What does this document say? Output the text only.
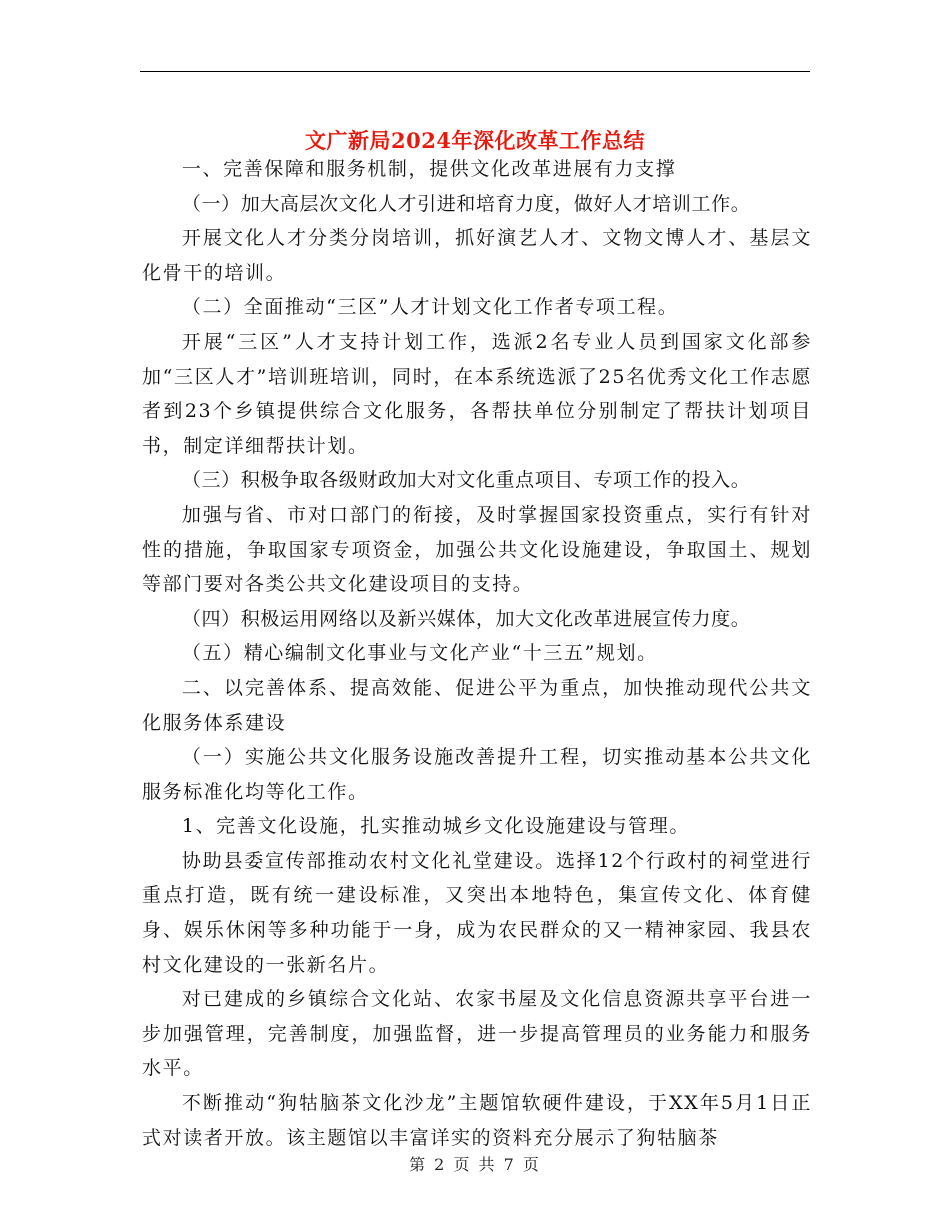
文广新局2024年深化改革工作总结

一、完善保障和服务机制，提供文化改革进展有力支撑

（一）加大高层次文化人才引进和培育力度，做好人才培训工作。

开展文化人才分类分岗培训，抓好演艺人才、文物文博人才、基层文化骨干的培训。

（二）全面推动“三区”人才计划文化工作者专项工程。

开展“三区”人才支持计划工作，选派2名专业人员到国家文化部参加“三区人才”培训班培训，同时，在本系统选派了25名优秀文化工作志愿者到23个乡镇提供综合文化服务，各帮扶单位分别制定了帮扶计划项目书，制定详细帮扶计划。

（三）积极争取各级财政加大对文化重点项目、专项工作的投入。

加强与省、市对口部门的衔接，及时掌握国家投资重点，实行有针对性的措施，争取国家专项资金，加强公共文化设施建设，争取国土、规划等部门要对各类公共文化建设项目的支持。

（四）积极运用网络以及新兴媒体，加大文化改革进展宣传力度。

（五）精心编制文化事业与文化产业“十三五”规划。

二、以完善体系、提高效能、促进公平为重点，加快推动现代公共文化服务体系建设

（一）实施公共文化服务设施改善提升工程，切实推动基本公共文化服务标准化均等化工作。

1、完善文化设施，扎实推动城乡文化设施建设与管理。

协助县委宣传部推动农村文化礼堂建设。选择12个行政村的祠堂进行重点打造，既有统一建设标准，又突出本地特色，集宣传文化、体育健身、娱乐休闲等多种功能于一身，成为农民群众的又一精神家园、我县农村文化建设的一张新名片。

对已建成的乡镇综合文化站、农家书屋及文化信息资源共享平台进一步加强管理，完善制度，加强监督，进一步提高管理员的业务能力和服务水平。

不断推动“狗牯脑茶文化沙龙”主题馆软硬件建设，于XX年5月1日正式对读者开放。该主题馆以丰富详实的资料充分展示了狗牯脑茶

第 2 页 共 7 页
